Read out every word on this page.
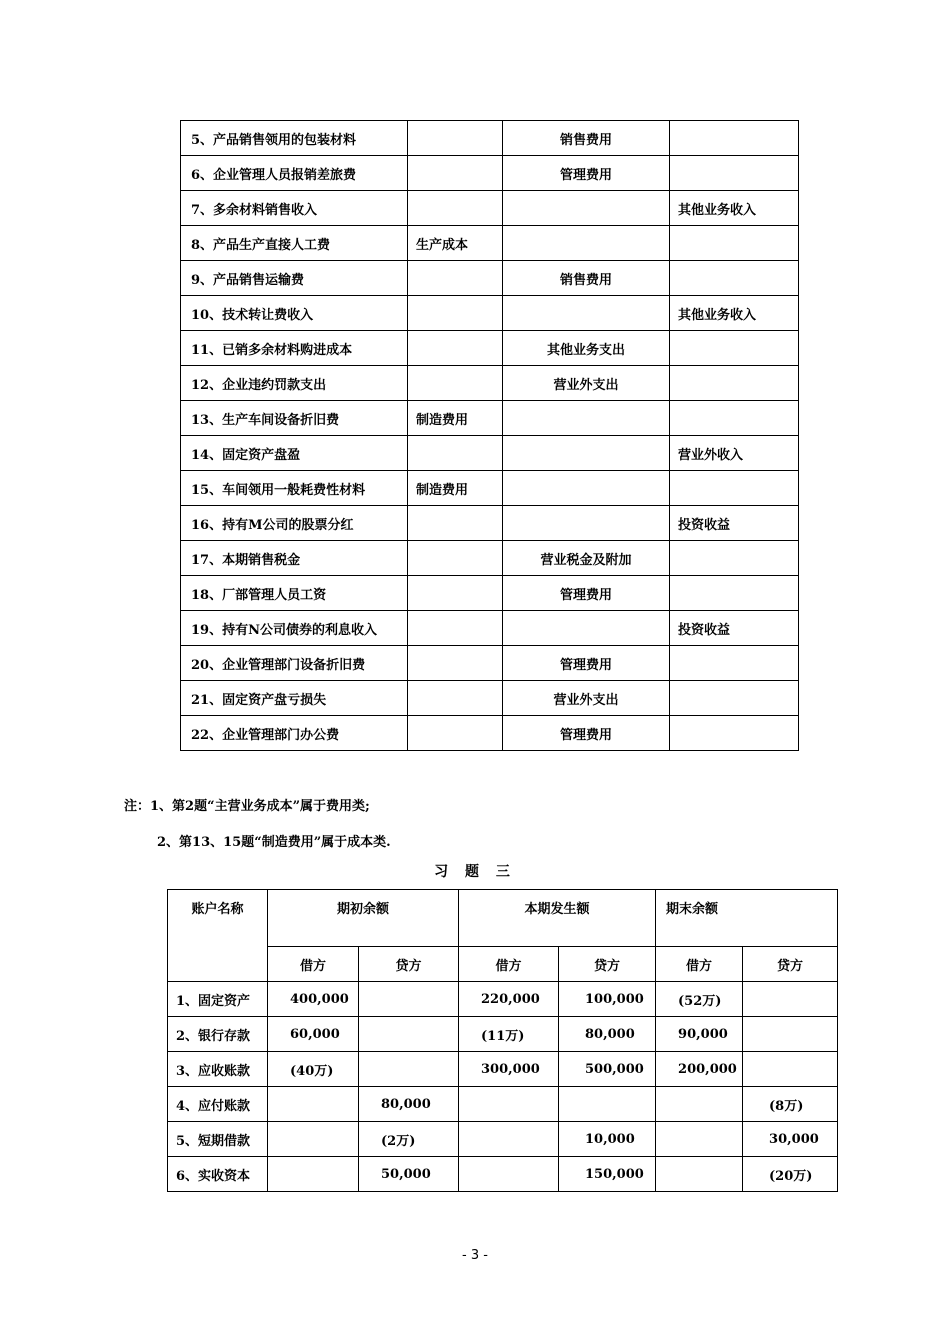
5、产品销售领用的包装材料		销售费用	
6、企业管理人员报销差旅费		管理费用	
7、多余材料销售收入			其他业务收入
8、产品生产直接人工费	生产成本		
9、产品销售运输费		销售费用	
10、技术转让费收入			其他业务收入
11、已销多余材料购进成本		其他业务支出	
12、企业违约罚款支出		营业外支出	
13、生产车间设备折旧费	制造费用		
14、固定资产盘盈			营业外收入
15、车间领用一般耗费性材料	制造费用		
16、持有M公司的股票分红			投资收益
17、本期销售税金		营业税金及附加	
18、厂部管理人员工资		管理费用	
19、持有N公司债券的利息收入			投资收益
20、企业管理部门设备折旧费		管理费用	
21、固定资产盘亏损失		营业外支出	
22、企业管理部门办公费		管理费用	
注：1、第2题“主营业务成本”属于费用类;
2、第13、15题“制造费用”属于成本类.
习 题 三
账户名称	期初余额		本期发生额		期末余额	
	借方	贷方	借方	贷方	借方	贷方
1、固定资产	400,000		220,000	100,000	(52万)	
2、银行存款	60,000		(11万)	80,000	90,000	
3、应收账款	(40万)		300,000	500,000	200,000	
4、应付账款		80,000				(8万)
5、短期借款		(2万)		10,000		30,000
6、实收资本		50,000		150,000		(20万)
- 3 -
